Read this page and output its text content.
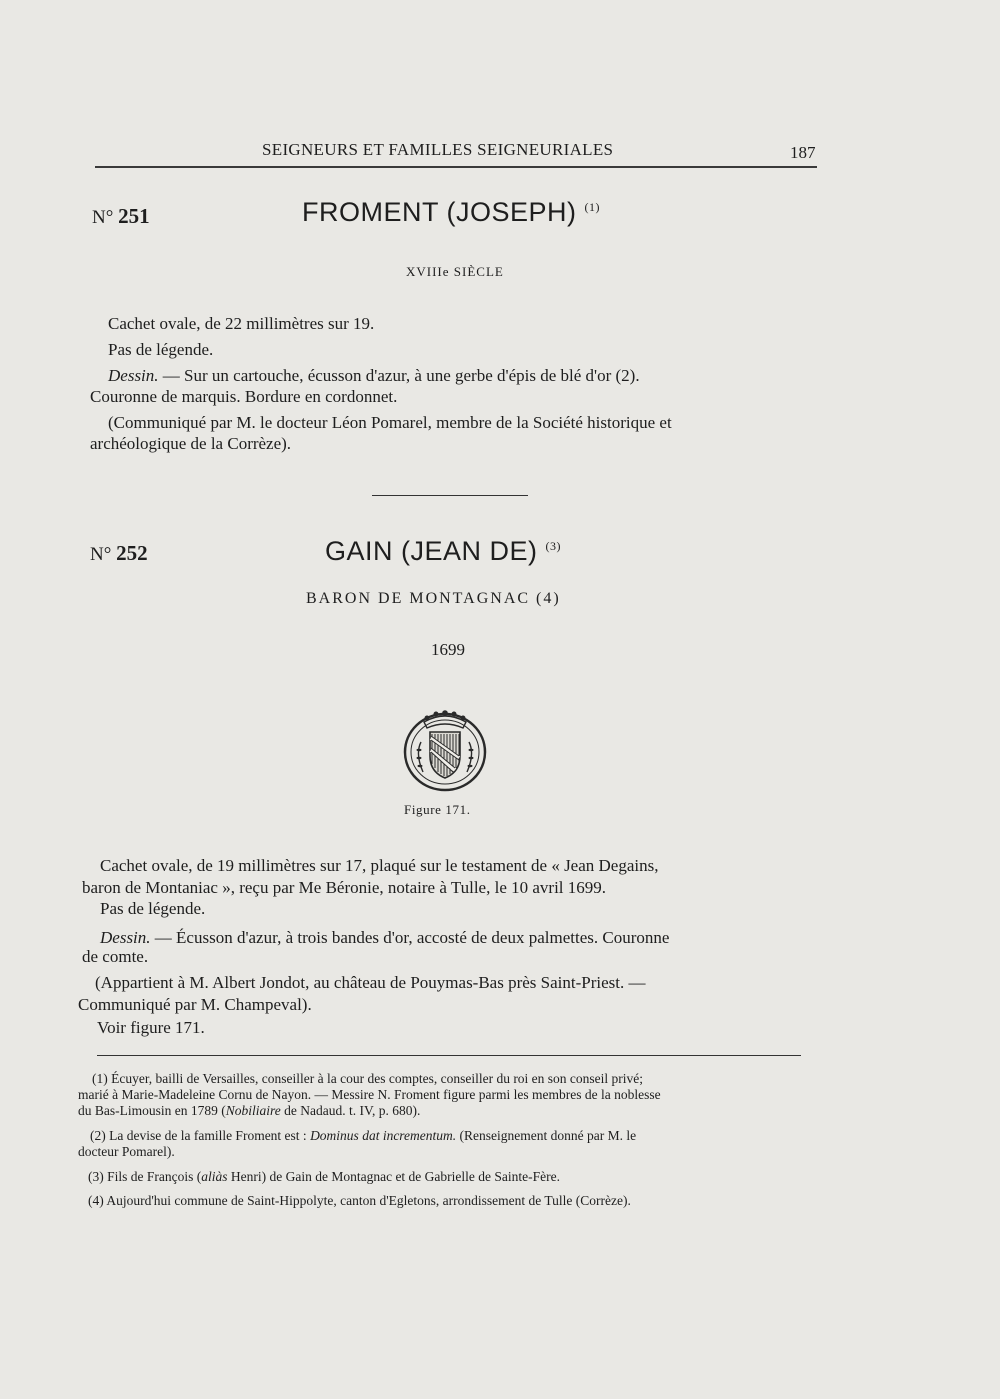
SEIGNEURS ET FAMILLES SEIGNEURIALES	187
N° 251	FROMENT (JOSEPH) $^{(1)}$
XVIIIe SIÈCLE
Cachet ovale, de 22 millimètres sur 19.
Pas de légende.
Dessin. — Sur un cartouche, écusson d'azur, à une gerbe d'épis de blé d'or (2).
Couronne de marquis. Bordure en cordonnet.
(Communiqué par M. le docteur Léon Pomarel, membre de la Société historique et
archéologique de la Corrèze).
N° 252	GAIN (JEAN DE) $^{(3)}$
BARON DE MONTAGNAC (4)
1699
Figure 171.
Cachet ovale, de 19 millimètres sur 17, plaqué sur le testament de « Jean Degains,
baron de Montaniac », reçu par Me Béronie, notaire à Tulle, le 10 avril 1699.
Pas de légende.
Dessin. — Écusson d'azur, à trois bandes d'or, accosté de deux palmettes. Couronne
de comte.
(Appartient à M. Albert Jondot, au château de Pouymas-Bas près Saint-Priest. —
Communiqué par M. Champeval).
Voir figure 171.
(1) Écuyer, bailli de Versailles, conseiller à la cour des comptes, conseiller du roi en son conseil privé;
marié à Marie-Madeleine Cornu de Nayon. — Messire N. Froment figure parmi les membres de la noblesse
du Bas-Limousin en 1789 (Nobiliaire de Nadaud. t. IV, p. 680).
(2) La devise de la famille Froment est : Dominus dat incrementum. (Renseignement donné par M. le
docteur Pomarel).
(3) Fils de François (aliàs Henri) de Gain de Montagnac et de Gabrielle de Sainte-Fère.
(4) Aujourd'hui commune de Saint-Hippolyte, canton d'Egletons, arrondissement de Tulle (Corrèze).
